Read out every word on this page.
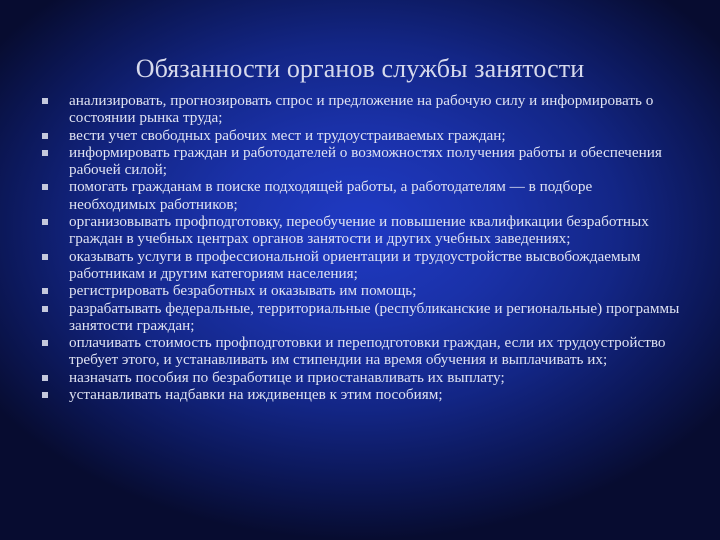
Обязанности органов службы занятости
анализировать, прогнозировать спрос и предложение на рабочую силу и информировать о состоянии рынка труда;
вести учет свободных рабочих мест и трудоустраиваемых граждан;
информировать граждан и работодателей о возможностях получения работы и обеспечения рабочей силой;
помогать гражданам в поиске подходящей работы, а работодателям — в подборе необходимых работников;
организовывать профподготовку, переобучение и повышение квалификации безработных граждан в учебных центрах органов занятости и других учебных заведениях;
оказывать услуги в профессиональной ориентации и трудоустройстве высвобождаемым работникам и другим категориям населения;
регистрировать безработных и оказывать им помощь;
разрабатывать федеральные, территориальные (республиканские и региональные) программы занятости граждан;
оплачивать стоимость профподготовки и переподготовки граждан, если их трудоустройство требует этого, и устанавливать им стипендии на время обучения и выплачивать их;
назначать пособия по безработице и приостанавливать их выплату;
устанавливать надбавки на иждивенцев к этим пособиям;
